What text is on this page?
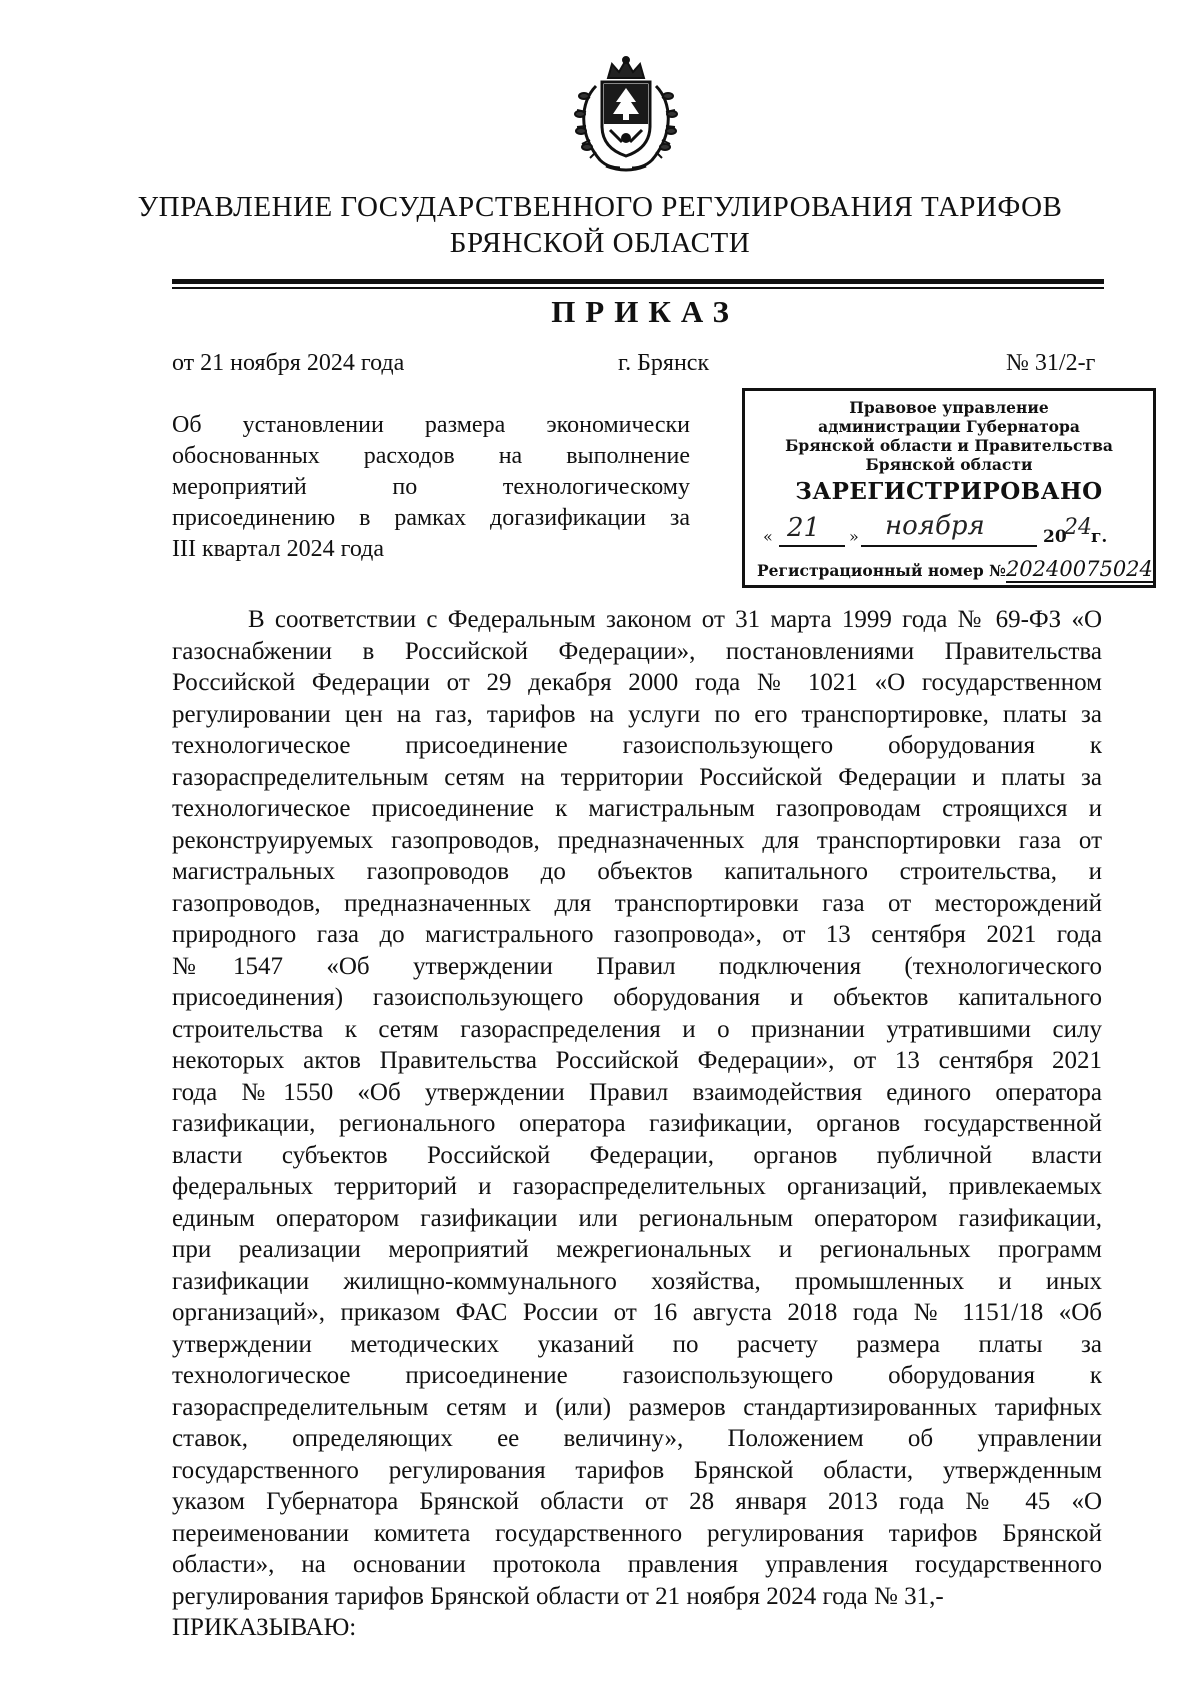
УПРАВЛЕНИЕ ГОСУДАРСТВЕННОГО РЕГУЛИРОВАНИЯ ТАРИФОВ
БРЯНСКОЙ ОБЛАСТИ
ПРИКАЗ
от 21 ноября 2024 года	г. Брянск	№ 31/2-г
Об установлении размера экономически
обоснованных расходов на выполнение
мероприятий по технологическому
присоединению в рамках догазификации за
III квартал 2024 года
Правовое управление
администрации Губернатора
Брянской области и Правительства
Брянской области
ЗАРЕГИСТРИРОВАНО
« 21 » ноября	20
24 г.
Регистрационный номер №20240075024
В соответствии с Федеральным законом от 31 марта 1999 года № 69-ФЗ «О
газоснабжении в Российской Федерации», постановлениями Правительства
Российской Федерации от 29 декабря 2000 года № 1021 «О государственном
регулировании цен на газ, тарифов на услуги по его транспортировке, платы за
технологическое присоединение газоиспользующего оборудования к
газораспределительным сетям на территории Российской Федерации и платы за
технологическое присоединение к магистральным газопроводам строящихся и
реконструируемых газопроводов, предназначенных для транспортировки газа от
магистральных газопроводов до объектов капитального строительства, и
газопроводов, предназначенных для транспортировки газа от месторождений
природного газа до магистрального газопровода», от 13 сентября 2021 года
№1547 «Об утверждении Правил подключения (технологического
присоединения) газоиспользующего оборудования и объектов капитального
строительства к сетям газораспределения и о признании утратившими силу
некоторых актов Правительства Российской Федерации», от 13 сентября 2021
года №1550 «Об утверждении Правил взаимодействия единого оператора
газификации, регионального оператора газификации, органов государственной
власти субъектов Российской Федерации, органов публичной власти
федеральных территорий и газораспределительных организаций, привлекаемых
единым оператором газификации или региональным оператором газификации,
при реализации мероприятий межрегиональных и региональных программ
газификации жилищно-коммунального хозяйства, промышленных и иных
организаций», приказом ФАС России от 16 августа 2018 года № 1151/18 «Об
утверждении методических указаний по расчету размера платы за
технологическое присоединение газоиспользующего оборудования к
газораспределительным сетям и (или) размеров стандартизированных тарифных
ставок, определяющих ее величину», Положением об управлении
государственного регулирования тарифов Брянской области, утвержденным
указом Губернатора Брянской области от 28 января 2013 года № 45 «О
переименовании комитета государственного регулирования тарифов Брянской
области», на основании протокола правления управления государственного
регулирования тарифов Брянской области от 21 ноября 2024 года № 31,-
ПРИКАЗЫВАЮ:
